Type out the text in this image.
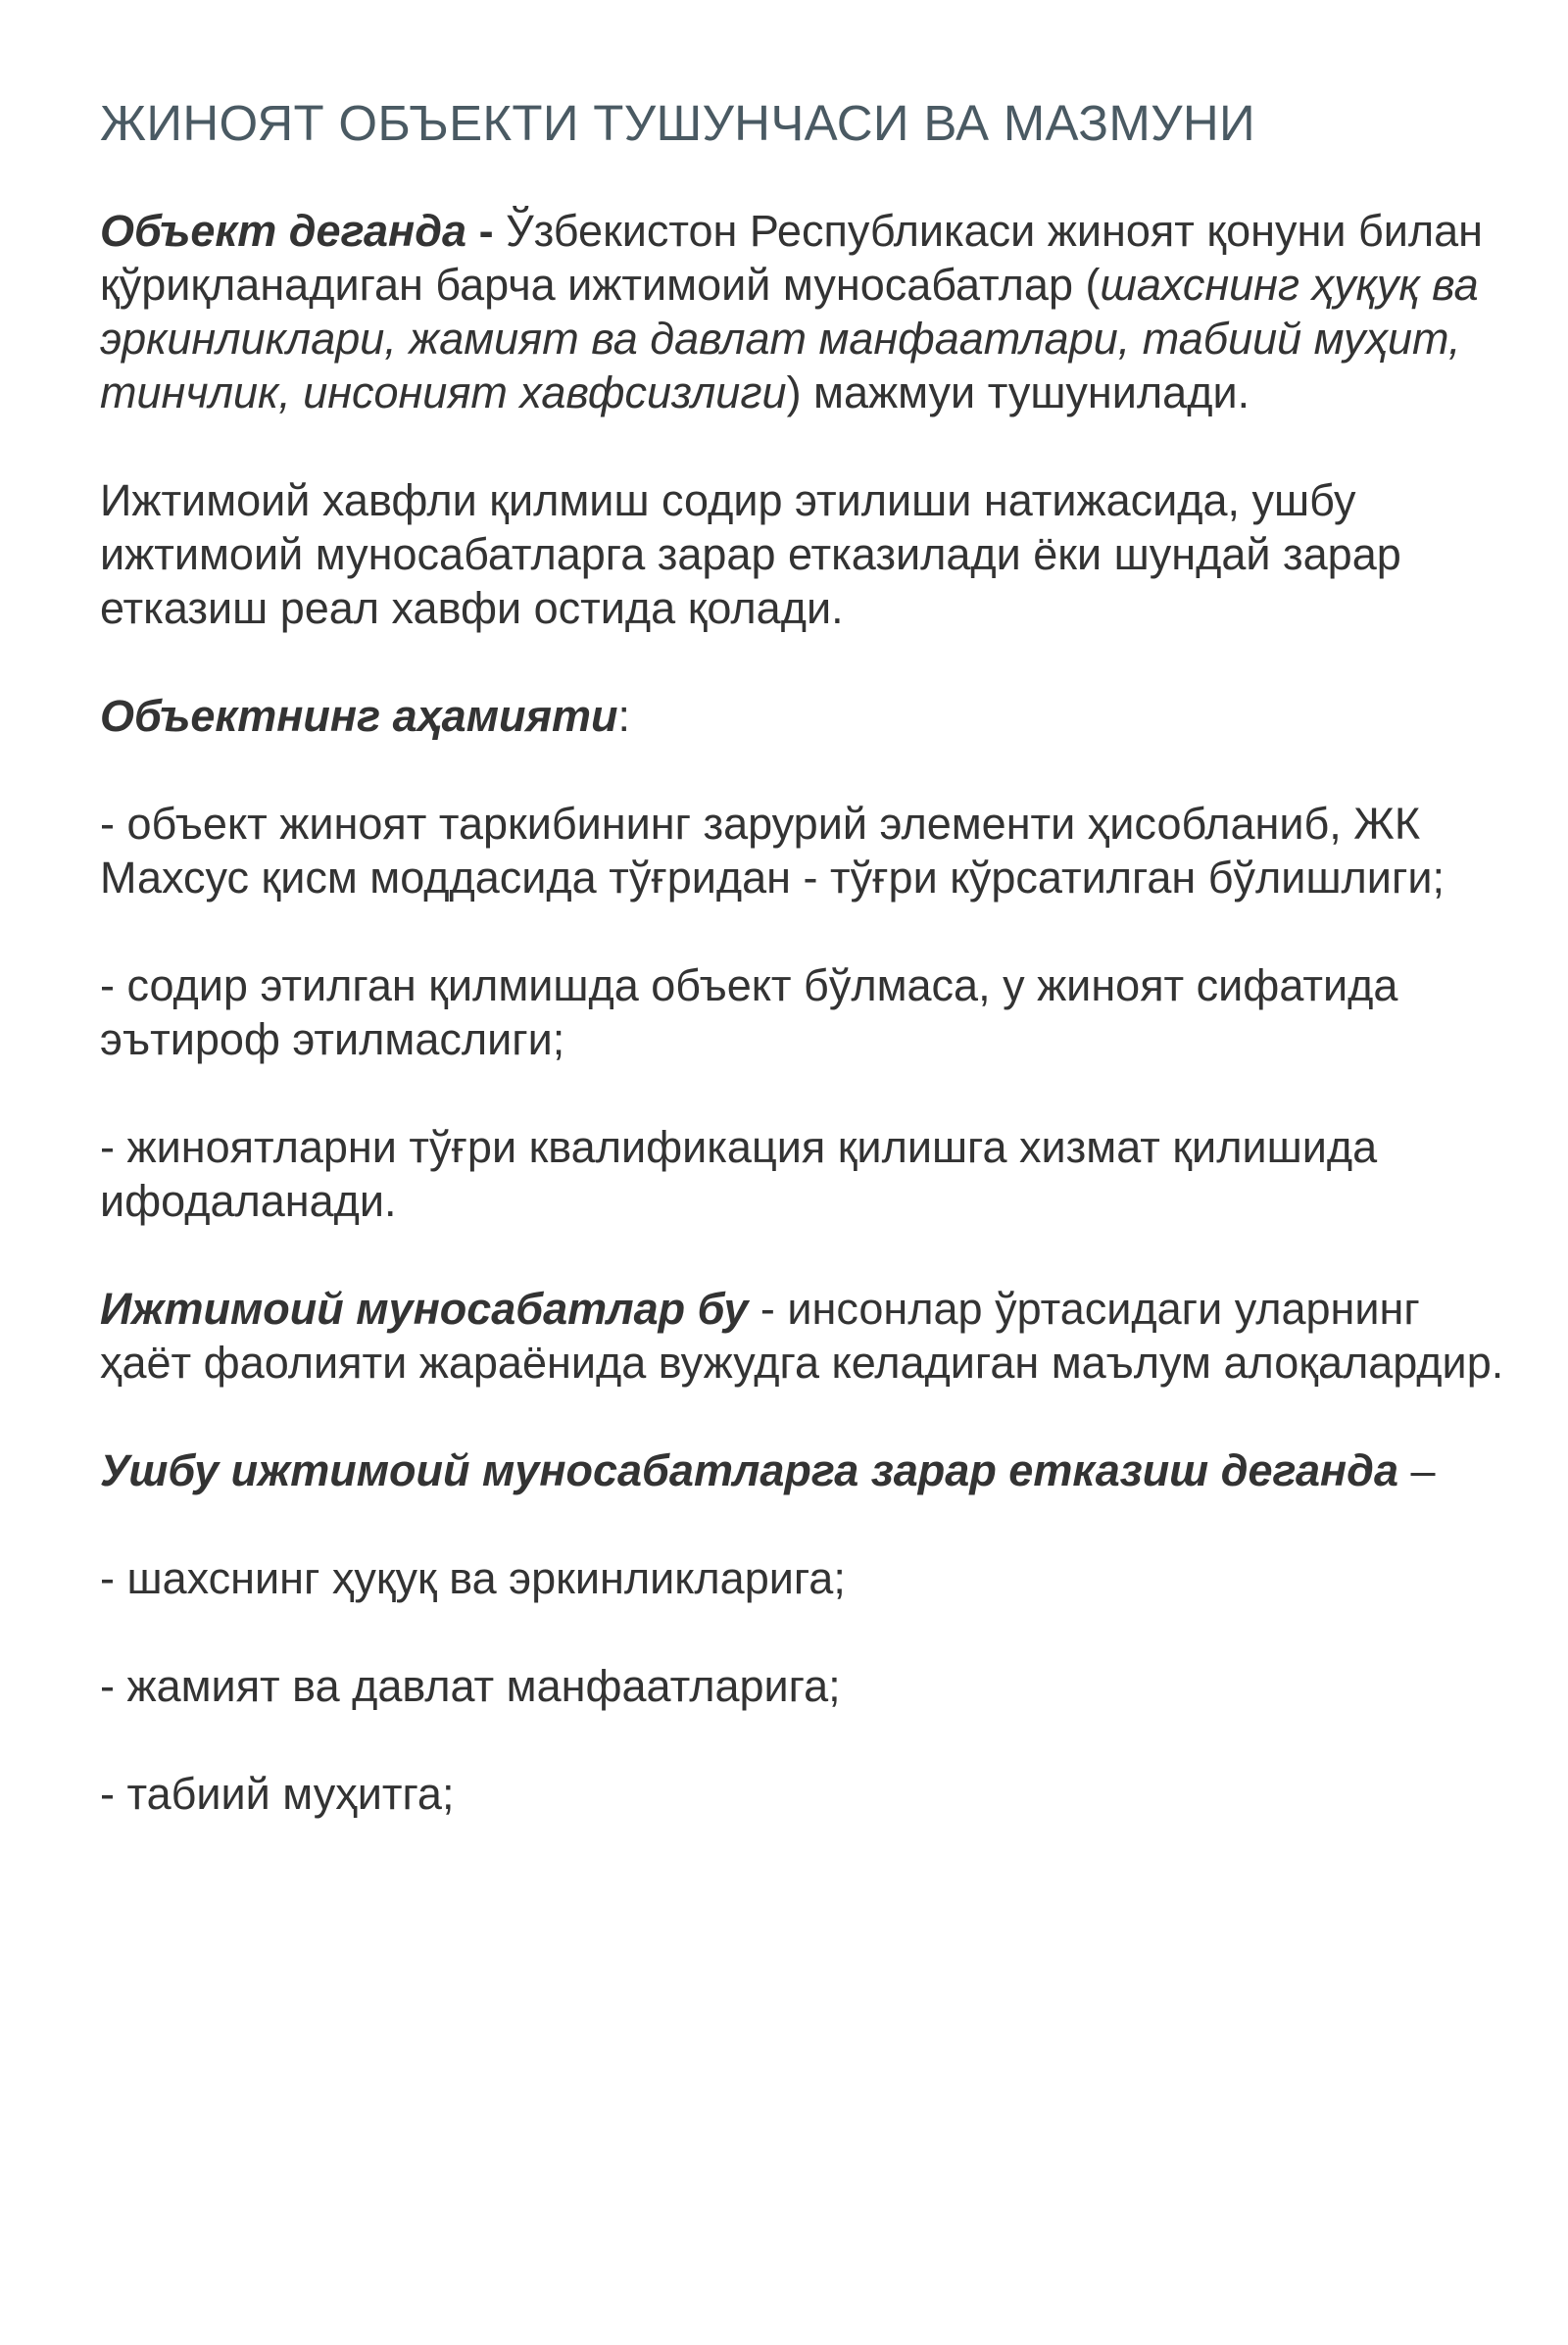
ЖИНОЯТ ОБЪЕКТИ ТУШУНЧАСИ ВА МАЗМУНИ

Объект деганда - Ўзбекистон Республикаси жиноят қонуни билан қўриқланадиган барча ижтимоий муносабатлар (шахснинг ҳуқуқ ва эркинликлари, жамият ва давлат манфаатлари, табиий муҳит, тинчлик, инсоният хавфсизлиги) мажмуи тушунилади.

Ижтимоий хавфли қилмиш содир этилиши натижасида, ушбу ижтимоий муносабатларга зарар етказилади ёки шундай зарар етказиш реал хавфи остида қолади.

Объектнинг аҳамияти:

- объект жиноят таркибининг зарурий элементи ҳисобланиб, ЖК Махсус қисм моддасида тўғридан - тўғри кўрсатилган бўлишлиги;

- содир этилган қилмишда объект бўлмаса, у жиноят сифатида эътироф этилмаслиги;

- жиноятларни тўғри квалификация қилишга хизмат қилишида ифодаланади.

Ижтимоий муносабатлар бу - инсонлар ўртасидаги уларнинг ҳаёт фаолияти жараёнида вужудга келадиган маълум алоқалардир.

Ушбу ижтимоий муносабатларга зарар етказиш деганда –

- шахснинг ҳуқуқ ва эркинликларига;

- жамият ва давлат манфаатларига;

- табиий муҳитга;
